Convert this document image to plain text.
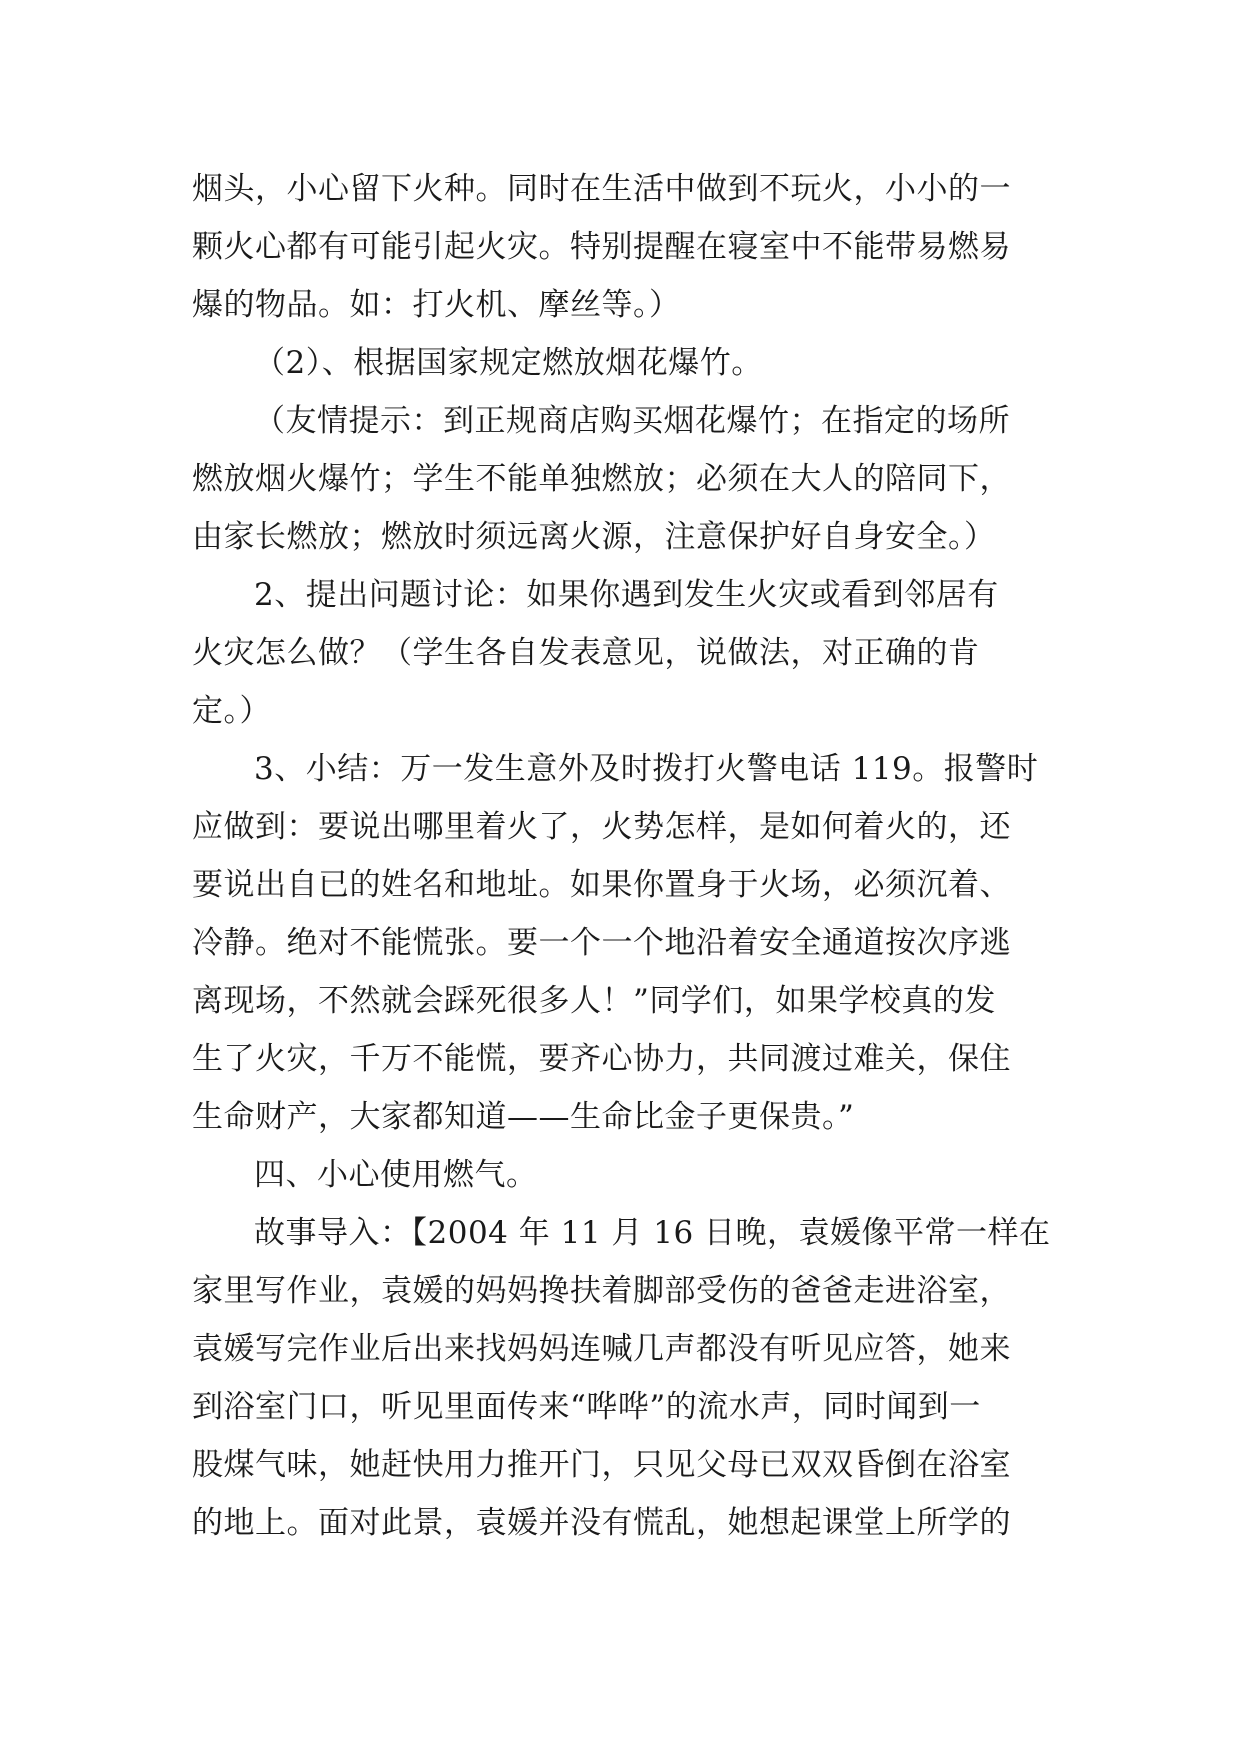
烟头，小心留下火种。同时在生活中做到不玩火，小小的一
颗火心都有可能引起火灾。特别提醒在寝室中不能带易燃易
爆的物品。如：打火机、摩丝等。）
（2）、根据国家规定燃放烟花爆竹。
（友情提示：到正规商店购买烟花爆竹；在指定的场所
燃放烟火爆竹；学生不能单独燃放；必须在大人的陪同下，
由家长燃放；燃放时须远离火源，注意保护好自身安全。）
2、提出问题讨论：如果你遇到发生火灾或看到邻居有
火灾怎么做？（学生各自发表意见，说做法，对正确的肯
定。）
3、小结：万一发生意外及时拨打火警电话 119。报警时
应做到：要说出哪里着火了，火势怎样，是如何着火的，还
要说出自已的姓名和地址。如果你置身于火场，必须沉着、
冷静。绝对不能慌张。要一个一个地沿着安全通道按次序逃
离现场，不然就会踩死很多人！”同学们，如果学校真的发
生了火灾，千万不能慌，要齐心协力，共同渡过难关，保住
生命财产，大家都知道——生命比金子更保贵。”
四、小心使用燃气。
故事导入：【2004 年 11 月 16 日晚，袁媛像平常一样在
家里写作业，袁媛的妈妈搀扶着脚部受伤的爸爸走进浴室，
袁媛写完作业后出来找妈妈连喊几声都没有听见应答，她来
到浴室门口，听见里面传来“哗哗”的流水声，同时闻到一
股煤气味，她赶快用力推开门，只见父母已双双昏倒在浴室
的地上。面对此景，袁媛并没有慌乱，她想起课堂上所学的
